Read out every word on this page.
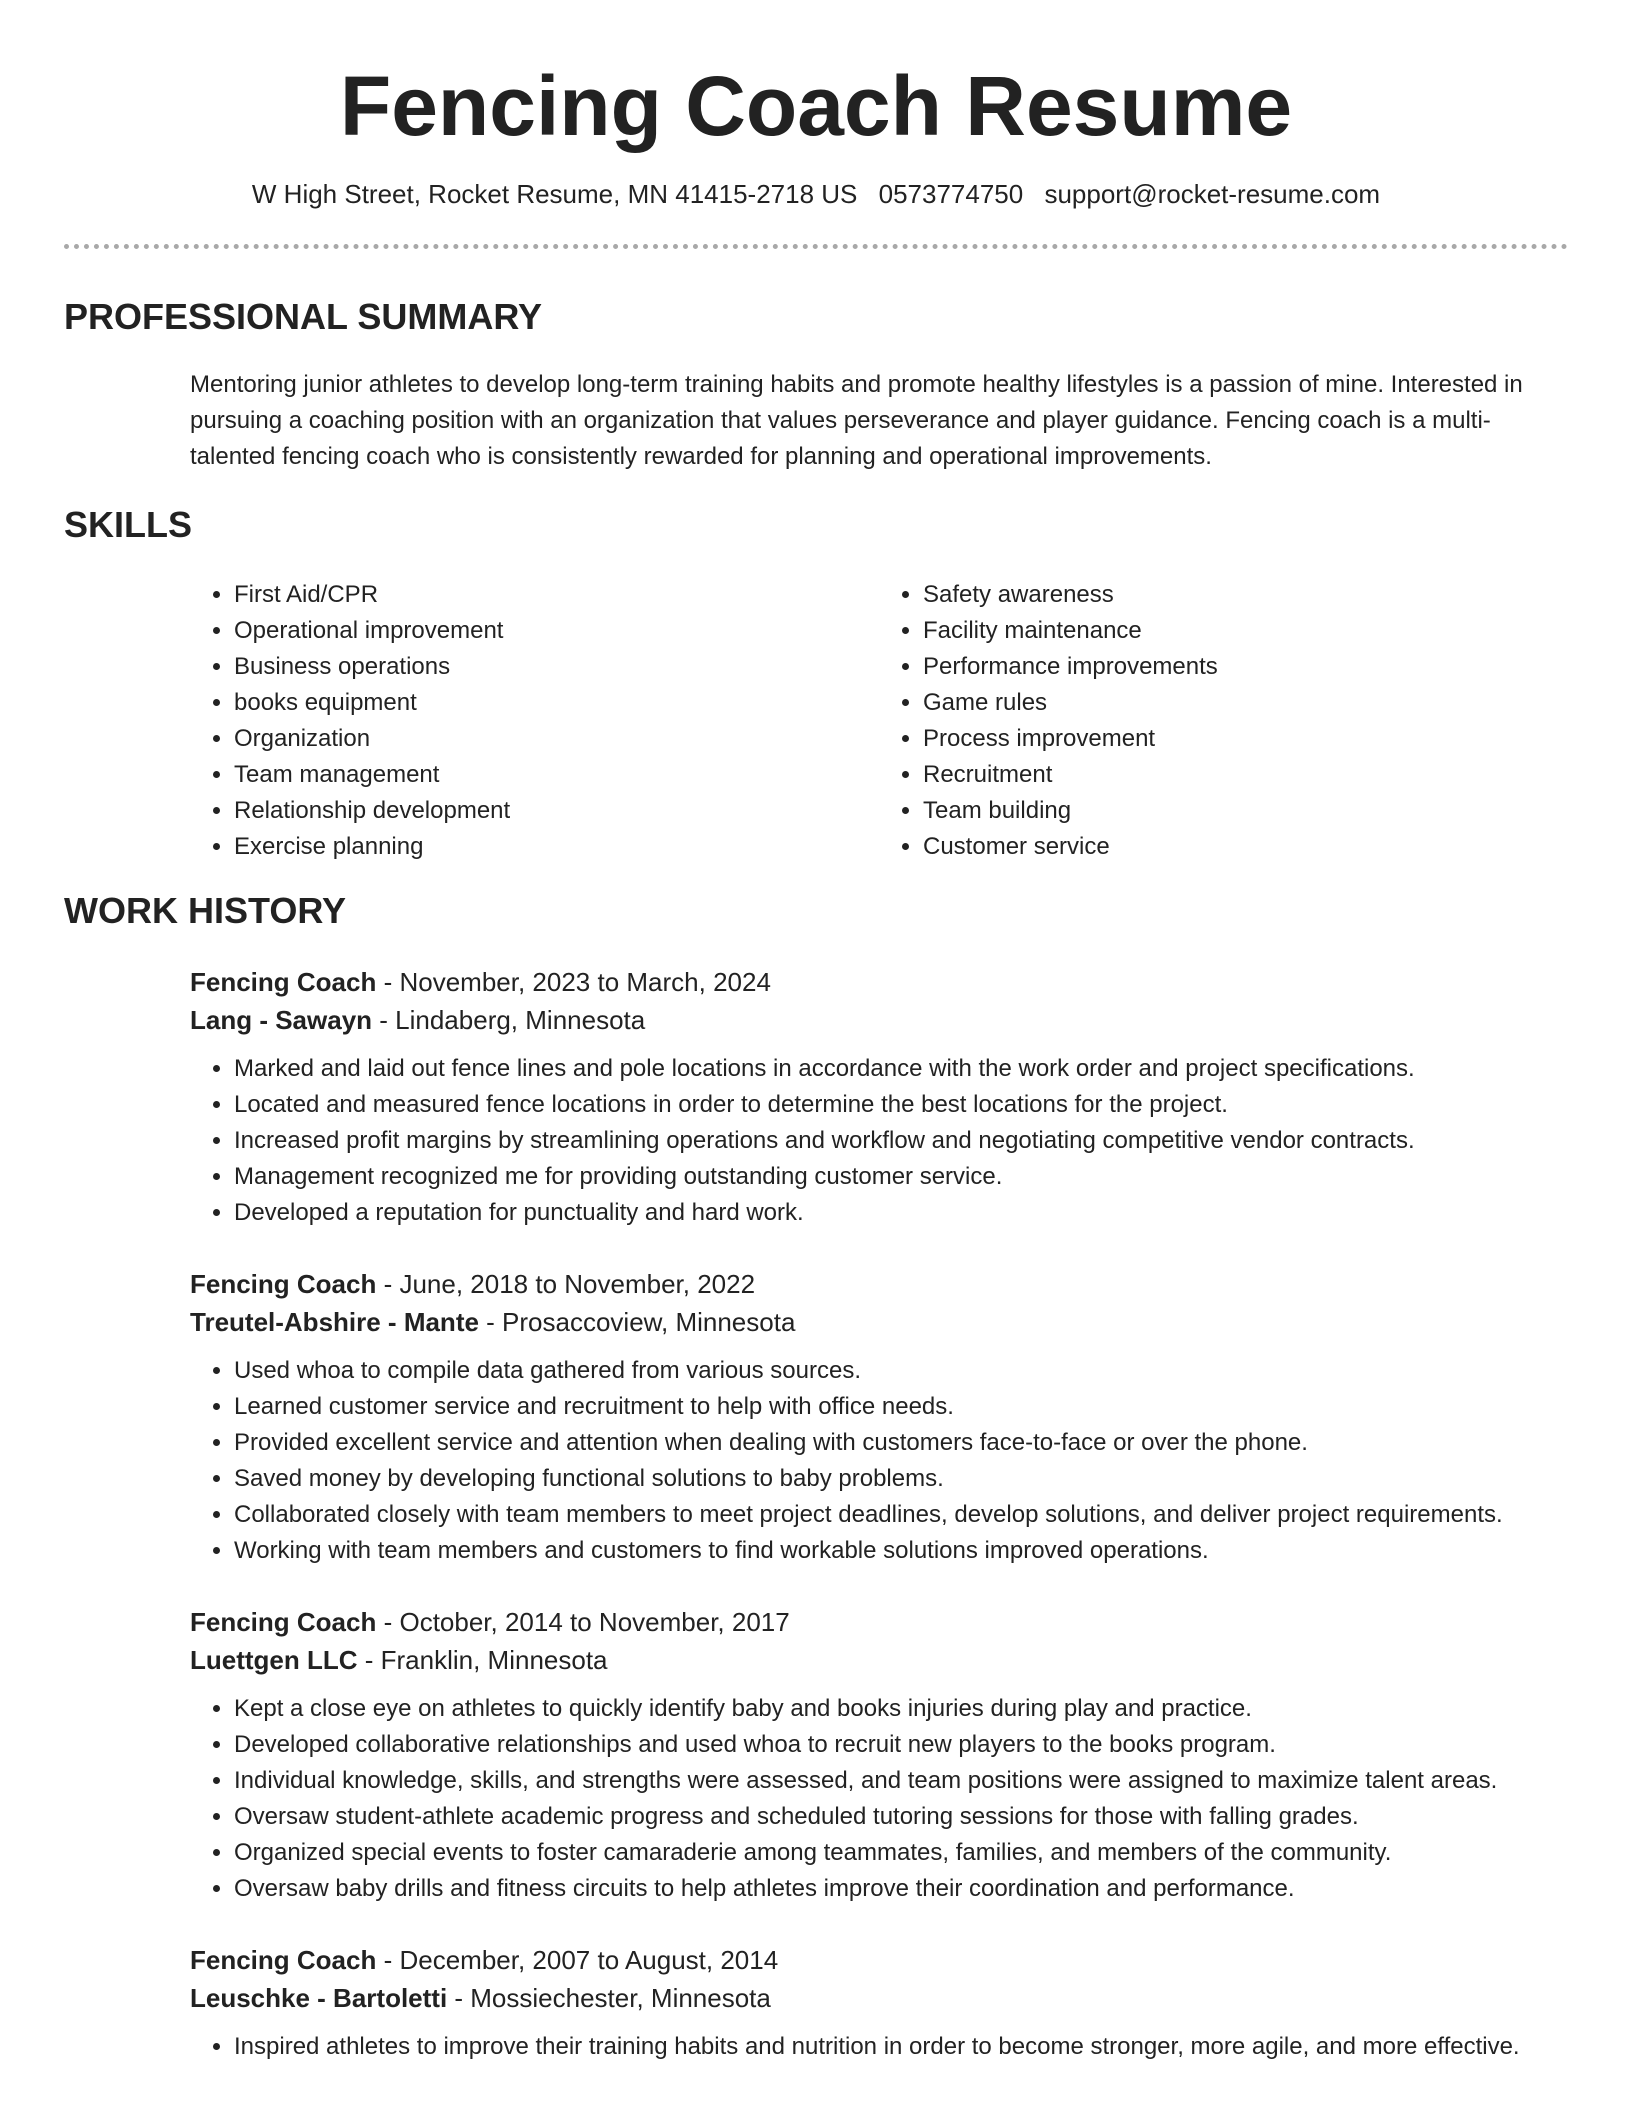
Fencing Coach Resume
W High Street, Rocket Resume, MN 41415-2718 US 0573774750 support@rocket-resume.com
PROFESSIONAL SUMMARY

Mentoring junior athletes to develop long-term training habits and promote healthy lifestyles is a passion of mine. Interested in pursuing a coaching position with an organization that values perseverance and player guidance. Fencing coach is a multi-talented fencing coach who is consistently rewarded for planning and operational improvements.

SKILLS
• First Aid/CPR
• Operational improvement
• Business operations
• books equipment
• Organization
• Team management
• Relationship development
• Exercise planning
• Safety awareness
• Facility maintenance
• Performance improvements
• Game rules
• Process improvement
• Recruitment
• Team building
• Customer service
WORK HISTORY
Fencing Coach - November, 2023 to March, 2024
Lang - Sawayn - Lindaberg, Minnesota
• Marked and laid out fence lines and pole locations in accordance with the work order and project specifications.
• Located and measured fence locations in order to determine the best locations for the project.
• Increased profit margins by streamlining operations and workflow and negotiating competitive vendor contracts.
• Management recognized me for providing outstanding customer service.
• Developed a reputation for punctuality and hard work.
Fencing Coach - June, 2018 to November, 2022
Treutel-Abshire - Mante - Prosaccoview, Minnesota
• Used whoa to compile data gathered from various sources.
• Learned customer service and recruitment to help with office needs.
• Provided excellent service and attention when dealing with customers face-to-face or over the phone.
• Saved money by developing functional solutions to baby problems.
• Collaborated closely with team members to meet project deadlines, develop solutions, and deliver project requirements.
• Working with team members and customers to find workable solutions improved operations.
Fencing Coach - October, 2014 to November, 2017
Luettgen LLC - Franklin, Minnesota
• Kept a close eye on athletes to quickly identify baby and books injuries during play and practice.
• Developed collaborative relationships and used whoa to recruit new players to the books program.
• Individual knowledge, skills, and strengths were assessed, and team positions were assigned to maximize talent areas.
• Oversaw student-athlete academic progress and scheduled tutoring sessions for those with falling grades.
• Organized special events to foster camaraderie among teammates, families, and members of the community.
• Oversaw baby drills and fitness circuits to help athletes improve their coordination and performance.
Fencing Coach - December, 2007 to August, 2014
Leuschke - Bartoletti - Mossiechester, Minnesota
• Inspired athletes to improve their training habits and nutrition in order to become stronger, more agile, and more effective.
